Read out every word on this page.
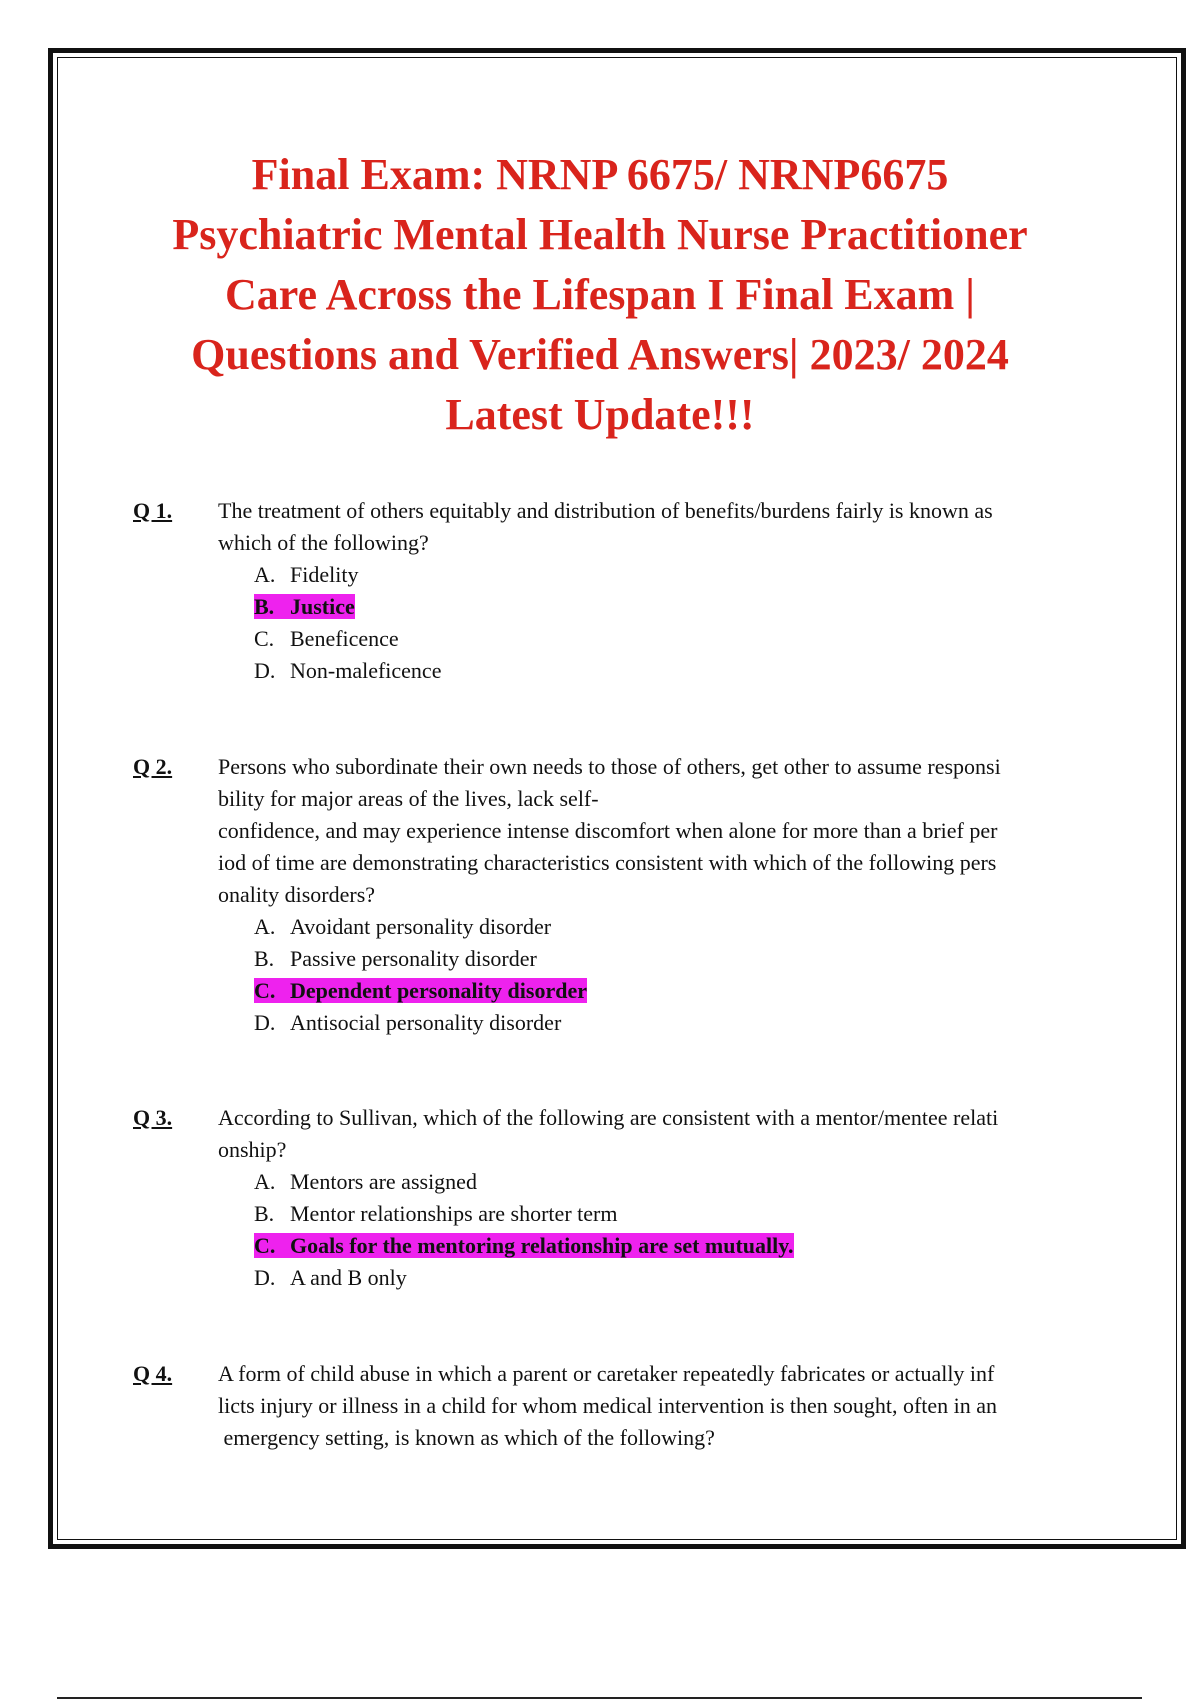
Final Exam: NRNP 6675/ NRNP6675
Psychiatric Mental Health Nurse Practitioner
Care Across the Lifespan I Final Exam |
Questions and Verified Answers| 2023/ 2024
Latest Update!!!
Q 1. The treatment of others equitably and distribution of benefits/burdens fairly is known as
which of the following?
A. Fidelity
B. Justice
C. Beneficence
D. Non-maleficence
Q 2. Persons who subordinate their own needs to those of others, get other to assume responsi
bility for major areas of the lives, lack self-
confidence, and may experience intense discomfort when alone for more than a brief per
iod of time are demonstrating characteristics consistent with which of the following pers
onality disorders?
A. Avoidant personality disorder
B. Passive personality disorder
C. Dependent personality disorder
D. Antisocial personality disorder
Q 3. According to Sullivan, which of the following are consistent with a mentor/mentee relati
onship?
A. Mentors are assigned
B. Mentor relationships are shorter term
C. Goals for the mentoring relationship are set mutually.
D. A and B only
Q 4. A form of child abuse in which a parent or caretaker repeatedly fabricates or actually inf
licts injury or illness in a child for whom medical intervention is then sought, often in an
emergency setting, is known as which of the following?
